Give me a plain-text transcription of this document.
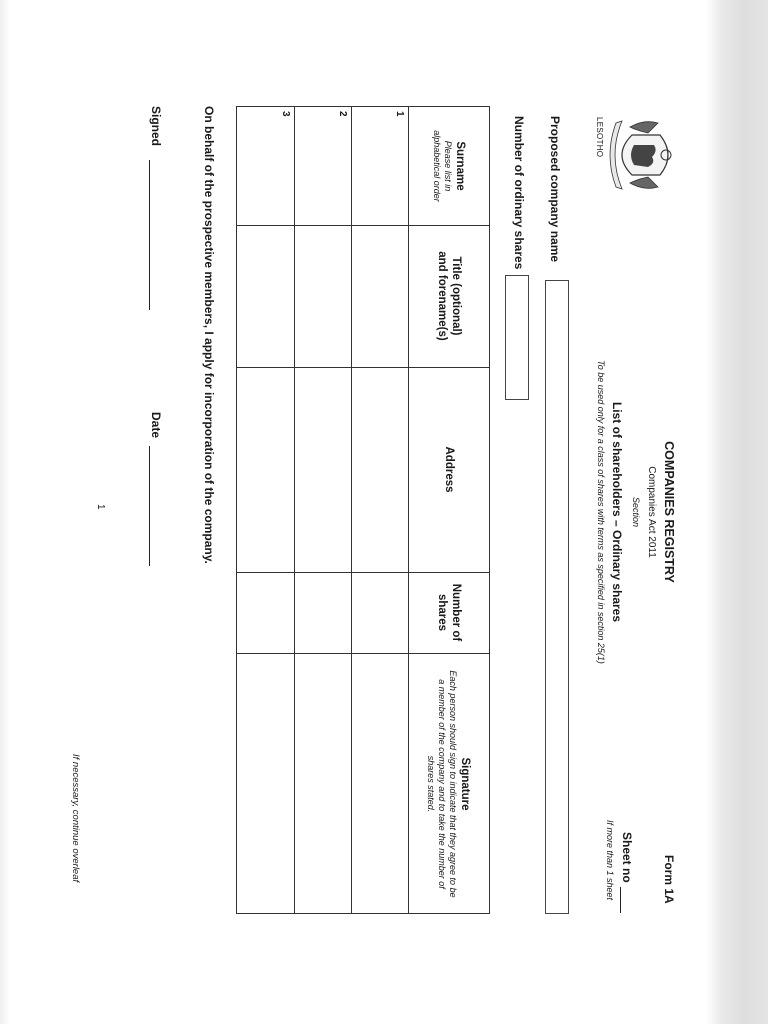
LESOTHO
COMPANIES REGISTRY
Companies Act 2011
Section
Form 1A
Sheet no
If more than 1 sheet
List of shareholders – Ordinary shares
To be used only for a class of shares with terms as specified in section 25(1)
Proposed company name
Number of ordinary shares
Surname
Please list in alphabetical order
Title (optional) and forename(s)
Address
Number of shares
Signature
Each person should sign to indicate that they agree to be a member of the company and to take the number of shares stated.
1
2
3
On behalf of the prospective members, I apply for incorporation of the company.
Signed
Date
1
If necessary, continue overleaf
